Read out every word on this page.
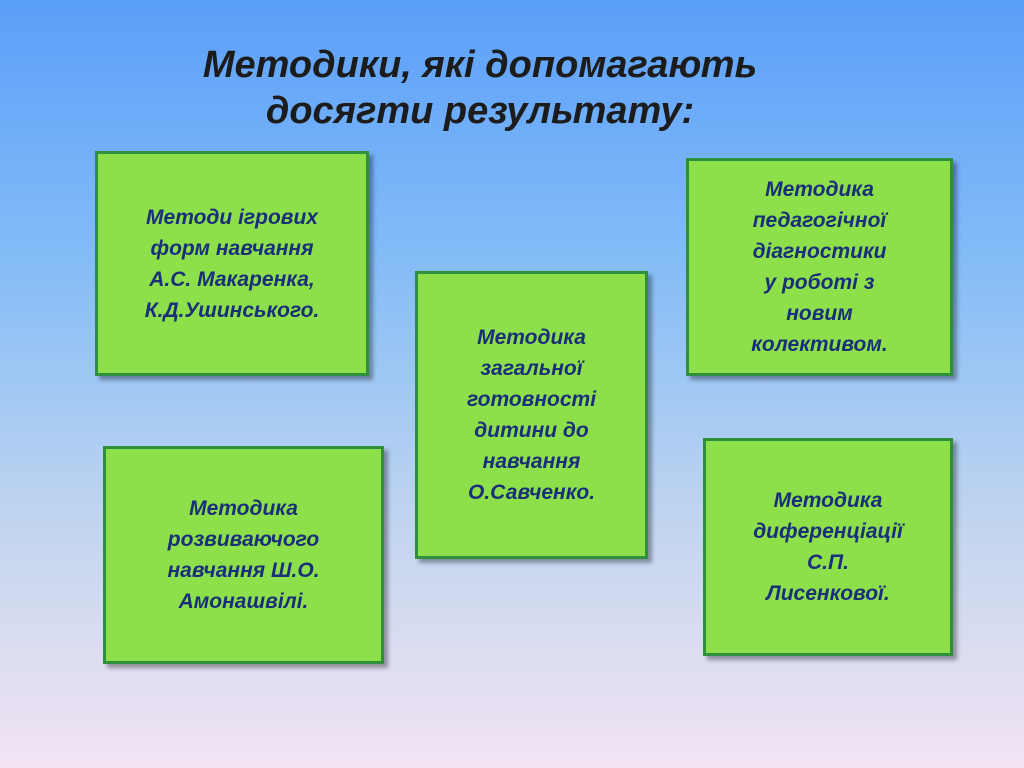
Методики, які допомагають
досягти результату:
Методи ігрових
форм навчання
А.С. Макаренка,
К.Д.Ушинського.
Методика
педагогічної
діагностики
у роботі з
новим
колективом.
Методика
загальної
готовності
дитини до
навчання
О.Савченко.
Методика
розвиваючого
навчання Ш.О.
Амонашвілі.
Методика
диференціації
С.П.
Лисенкової.
